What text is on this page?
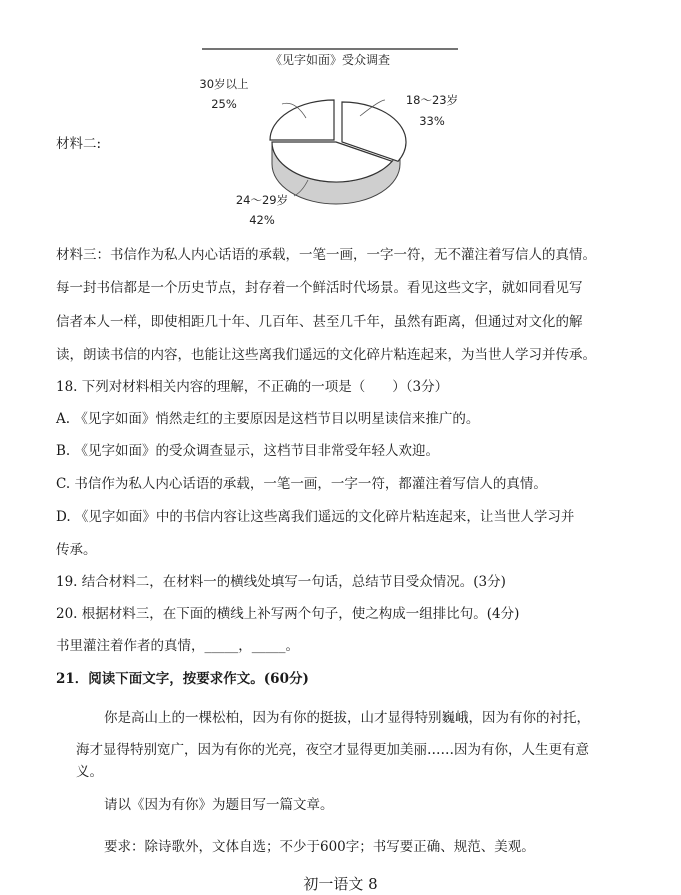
材料二:
《见字如面》受众调查
30岁以上
25%	18～23岁
33%
24～29岁
42%
材料三：书信作为私人内心话语的承载，一笔一画，一字一符，无不灌注着写信人的真情。
每一封书信都是一个历史节点，封存着一个鲜活时代场景。看见这些文字，就如同看见写
信者本人一样，即使相距几十年、几百年、甚至几千年，虽然有距离，但通过对文化的解
读，朗读书信的内容，也能让这些离我们遥远的文化碎片粘连起来，为当世人学习并传承。
18. 下列对材料相关内容的理解，不正确的一项是（　　）（3分）
A. 《见字如面》悄然走红的主要原因是这档节目以明星读信来推广的。
B. 《见字如面》的受众调查显示，这档节目非常受年轻人欢迎。
C. 书信作为私人内心话语的承载，一笔一画，一字一符，都灌注着写信人的真情。
D. 《见字如面》中的书信内容让这些离我们遥远的文化碎片粘连起来，让当世人学习并
传承。
19. 结合材料二，在材料一的横线处填写一句话，总结节目受众情况。(3分)
20. 根据材料三，在下面的横线上补写两个句子，使之构成一组排比句。(4分)
书里灌注着作者的真情，_____，_____。
21．阅读下面文字，按要求作文。(60分)
你是高山上的一棵松柏，因为有你的挺拔，山才显得特别巍峨，因为有你的衬托，
海才显得特别宽广，因为有你的光亮，夜空才显得更加美丽……因为有你，人生更有意
义。
请以《因为有你》为题目写一篇文章。
要求：除诗歌外，文体自选；不少于600字；书写要正确、规范、美观。
初一语文 8
